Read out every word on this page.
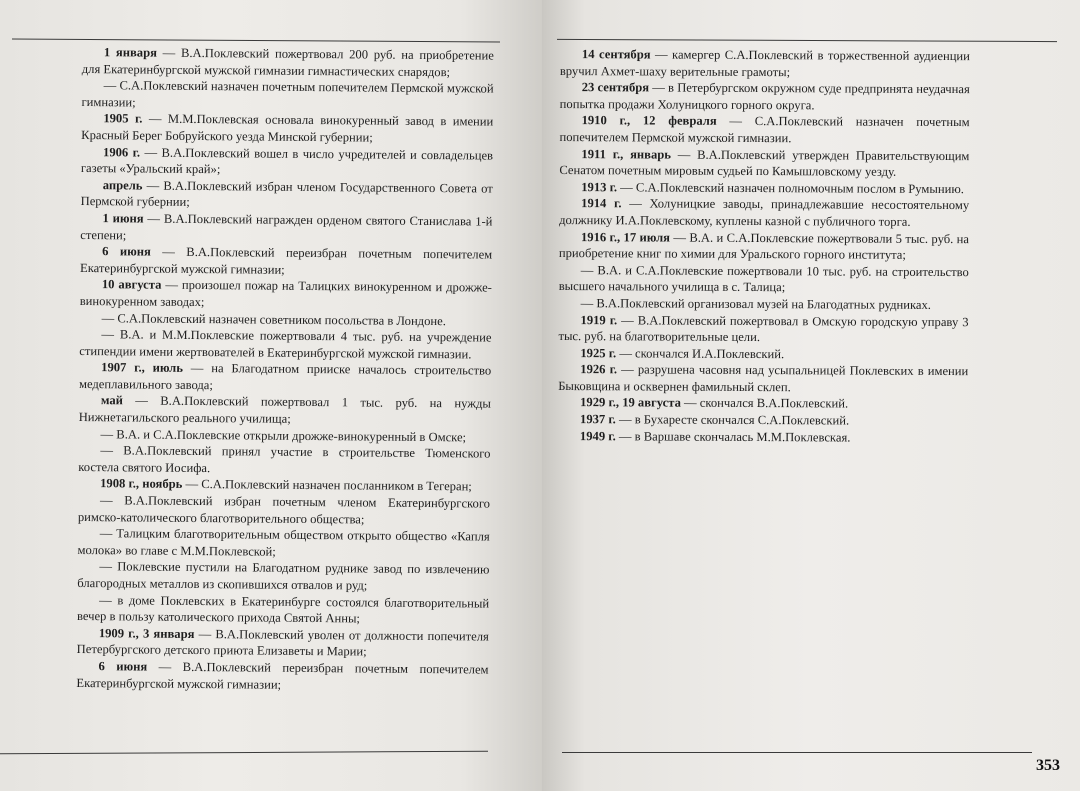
1 января — В.А.Поклевский пожертвовал 200 руб. на приобретение для Екатеринбургской мужской гимназии гимнастических снарядов;

— С.А.Поклевский назначен почетным попечителем Пермской мужской гимназии;

1905 г. — М.М.Поклевская основала винокуренный завод в имении Красный Берег Бобруйского уезда Минской губернии;

1906 г. — В.А.Поклевский вошел в число учредителей и совладельцев газеты «Уральский край»;

апрель — В.А.Поклевский избран членом Государственного Совета от Пермской губернии;

1 июня — В.А.Поклевский награжден орденом святого Станислава 1-й степени;

6 июня — В.А.Поклевский переизбран почетным попечителем Екатеринбургской мужской гимназии;

10 августа — произошел пожар на Талицких винокуренном и дрожже-винокуренном заводах;

— С.А.Поклевский назначен советником посольства в Лондоне.

— В.А. и М.М.Поклевские пожертвовали 4 тыс. руб. на учреждение стипендии имени жертвователей в Екатеринбургской мужской гимназии.

1907 г., июль — на Благодатном прииске началось строительство медеплавильного завода;

май — В.А.Поклевский пожертвовал 1 тыс. руб. на нужды Нижнетагильского реального училища;

— В.А. и С.А.Поклевские открыли дрожже-винокуренный в Омске;

— В.А.Поклевский принял участие в строительстве Тюменского костела святого Иосифа.

1908 г., ноябрь — С.А.Поклевский назначен посланником в Тегеран;

— В.А.Поклевский избран почетным членом Екатеринбургского римско-католического благотворительного общества;

— Талицким благотворительным обществом открыто общество «Капля молока» во главе с М.М.Поклевской;

— Поклевские пустили на Благодатном руднике завод по извлечению благородных металлов из скопившихся отвалов и руд;

— в доме Поклевских в Екатеринбурге состоялся благотворительный вечер в пользу католического прихода Святой Анны;

1909 г., 3 января — В.А.Поклевский уволен от должности попечителя Петербургского детского приюта Елизаветы и Марии;

6 июня — В.А.Поклевский переизбран почетным попечителем Екатеринбургской мужской гимназии;

14 сентября — камергер С.А.Поклевский в торжественной аудиенции вручил Ахмет-шаху верительные грамоты;

23 сентября — в Петербургском окружном суде предпринята неудачная попытка продажи Холуницкого горного округа.

1910 г., 12 февраля — С.А.Поклевский назначен почетным попечителем Пермской мужской гимназии.

1911 г., январь — В.А.Поклевский утвержден Правительствующим Сенатом почетным мировым судьей по Камышловскому уезду.

1913 г. — С.А.Поклевский назначен полномочным послом в Румынию.

1914 г. — Холуницкие заводы, принадлежавшие несостоятельному должнику И.А.Поклевскому, куплены казной с публичного торга.

1916 г., 17 июля — В.А. и С.А.Поклевские пожертвовали 5 тыс. руб. на приобретение книг по химии для Уральского горного института;

— В.А. и С.А.Поклевские пожертвовали 10 тыс. руб. на строительство высшего начального училища в с. Талица;

— В.А.Поклевский организовал музей на Благодатных рудниках.

1919 г. — В.А.Поклевский пожертвовал в Омскую городскую управу 3 тыс. руб. на благотворительные цели.

1925 г. — скончался И.А.Поклевский.

1926 г. — разрушена часовня над усыпальницей Поклевских в имении Быковщина и осквернен фамильный склеп.

1929 г., 19 августа — скончался В.А.Поклевский.

1937 г. — в Бухаресте скончался С.А.Поклевский.

1949 г. — в Варшаве скончалась М.М.Поклевская.

353
